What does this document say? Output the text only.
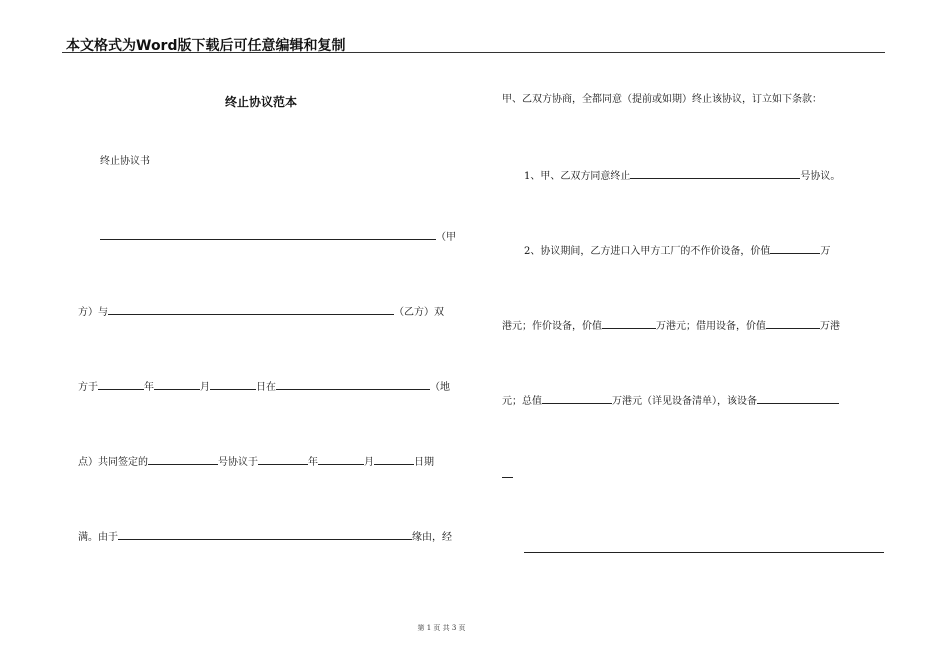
本文格式为Word版下载后可任意编辑和复制
终止协议范本
终止协议书
（甲
方）与	（乙方）双
方于	年	月	日在	（地
点）共同签定的	号协议于	年	月	日期
满。由于	缘由，经
甲、乙双方协商，全都同意（提前或如期）终止该协议，订立如下条款：
1、甲、乙双方同意终止	号协议。
2、协议期间，乙方进口入甲方工厂的不作价设备，价值	万
港元；作价设备，价值	万港元；借用设备，价值	万港
元；总值	万港元（详见设备清单），该设备
第 1 页 共 3 页
